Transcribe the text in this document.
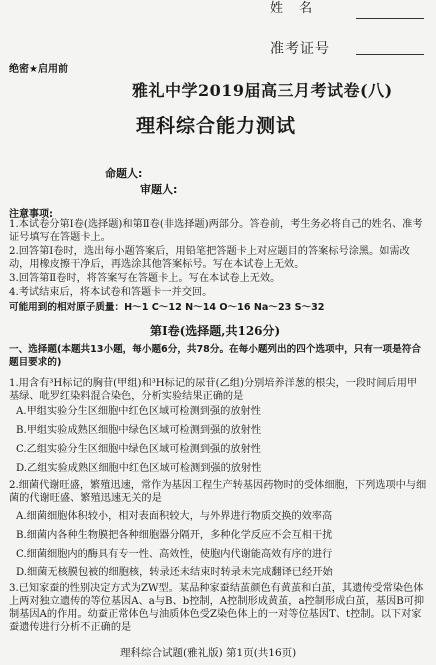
姓 名
准考证号
绝密★启用前
雅礼中学2019届高三月考试卷(八)
理科综合能力测试
命题人:
审题人:
注意事项:
1.本试卷分第Ⅰ卷(选择题)和第Ⅱ卷(非选择题)两部分。答卷前，考生务必将自己的姓名、准考证号填写在答题卡上。
2.回答第Ⅰ卷时，选出每小题答案后，用铅笔把答题卡上对应题目的答案标号涂黑。如需改动，用橡皮擦干净后，再选涂其他答案标号。写在本试卷上无效。
3.回答第Ⅱ卷时，将答案写在答题卡上。写在本试卷上无效。
4.考试结束后，将本试卷和答题卡一并交回。
可能用到的相对原子质量：H～1 C～12 N～14 O～16 Na～23 S～32
第Ⅰ卷(选择题,共126分)
一、选择题(本题共13小题，每小题6分，共78分。在每小题列出的四个选项中，只有一项是符合题目要求的)
1.用含有³H标记的胸苷(甲组)和³H标记的尿苷(乙组)分别培养洋葱的根尖，一段时间后用甲基绿、吡罗红染料混合染色，分析实验结果正确的是
A.甲组实验分生区细胞中红色区域可检测到强的放射性
B.甲组实验成熟区细胞中绿色区域可检测到强的放射性
C.乙组实验分生区细胞中绿色区域可检测到强的放射性
D.乙组实验成熟区细胞中红色区域可检测到强的放射性
2.细菌代谢旺盛，繁殖迅速，常作为基因工程生产转基因药物时的受体细胞，下列选项中与细菌的代谢旺盛、繁殖迅速无关的是
A.细菌细胞体积较小，相对表面积较大，与外界进行物质交换的效率高
B.细菌内各种生物膜把各种细胞器分隔开，多种化学反应不会互相干扰
C.细菌细胞内的酶具有专一性、高效性，使胞内代谢能高效有序的进行
D.细菌无核膜包被的细胞核，转录还未结束时转录未完成翻译已经开始
3.已知家蚕的性别决定方式为ZW型。某品种家蚕结茧颜色有黄茧和白茧，其遗传受常染色体上两对独立遗传的等位基因A、a与B、b控制，A控制形成黄茧，a控制形成白茧，基因B可抑制基因A的作用。幼蚕正常体色与油质体色受Z染色体上的一对等位基因T、t控制。以下对家蚕遗传进行分析不正确的是
理科综合试题(雅礼版) 第1页(共16页)
